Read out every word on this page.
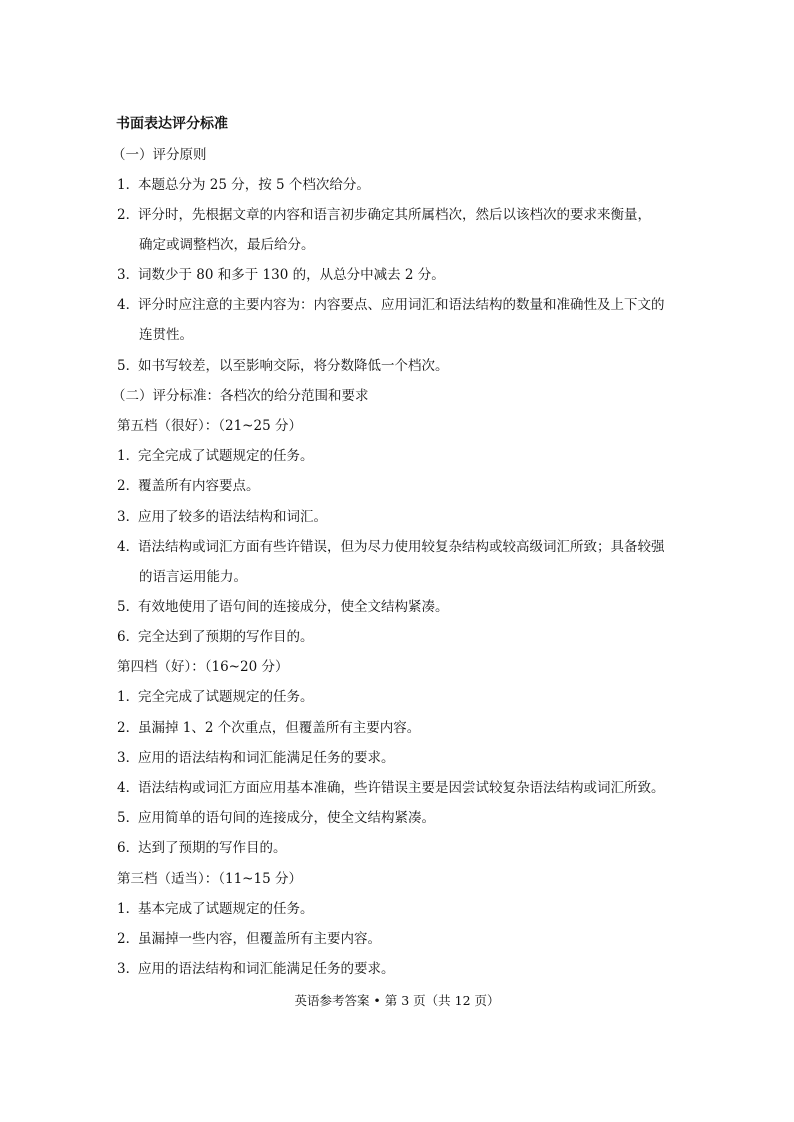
书面表达评分标准
（一）评分原则
1．本题总分为 25 分，按 5 个档次给分。
2．评分时，先根据文章的内容和语言初步确定其所属档次，然后以该档次的要求来衡量，
确定或调整档次，最后给分。
3．词数少于 80 和多于 130 的，从总分中减去 2 分。
4．评分时应注意的主要内容为：内容要点、应用词汇和语法结构的数量和准确性及上下文的
连贯性。
5．如书写较差，以至影响交际，将分数降低一个档次。
（二）评分标准：各档次的给分范围和要求
第五档（很好）：（21~25 分）
1．完全完成了试题规定的任务。
2．覆盖所有内容要点。
3．应用了较多的语法结构和词汇。
4．语法结构或词汇方面有些许错误，但为尽力使用较复杂结构或较高级词汇所致；具备较强
的语言运用能力。
5．有效地使用了语句间的连接成分，使全文结构紧凑。
6．完全达到了预期的写作目的。
第四档（好）：（16~20 分）
1．完全完成了试题规定的任务。
2．虽漏掉 1、2 个次重点，但覆盖所有主要内容。
3．应用的语法结构和词汇能满足任务的要求。
4．语法结构或词汇方面应用基本准确，些许错误主要是因尝试较复杂语法结构或词汇所致。
5．应用简单的语句间的连接成分，使全文结构紧凑。
6．达到了预期的写作目的。
第三档（适当）：（11~15 分）
1．基本完成了试题规定的任务。
2．虽漏掉一些内容，但覆盖所有主要内容。
3．应用的语法结构和词汇能满足任务的要求。
英语参考答案 • 第 3 页（共 12 页）
